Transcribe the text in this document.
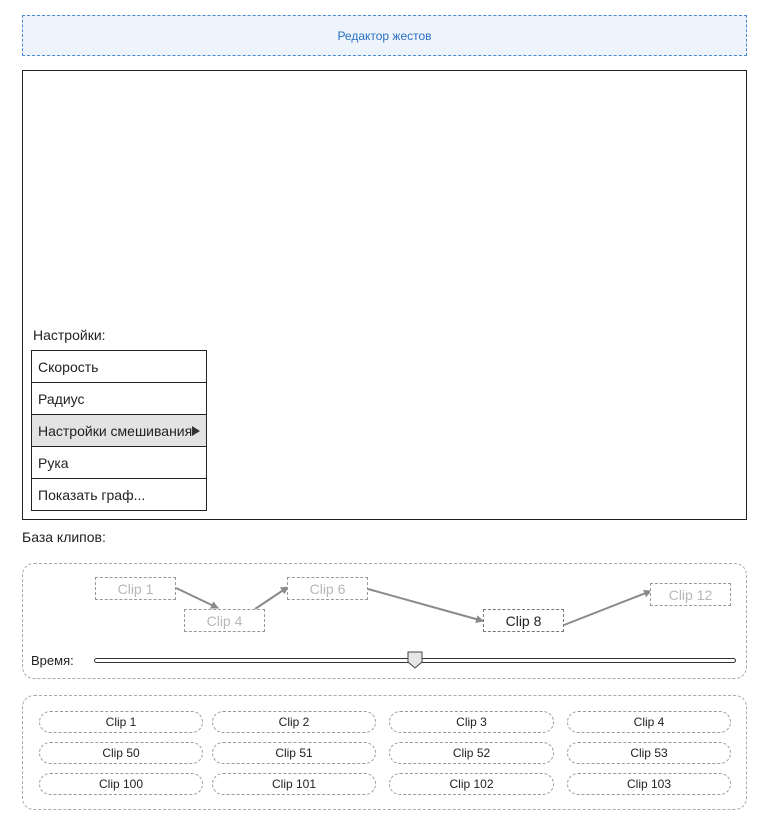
Редактор жестов
Настройки:
Скорость
Радиус
Настройки смешивания
Рука
Показать граф...
База клипов:
Clip 1
Clip 4
Clip 6
Clip 8
Clip 12
Время:
Clip 1	Clip 2	Clip 3	Clip 4
Clip 50	Clip 51	Clip 52	Clip 53
Clip 100	Clip 101	Clip 102	Clip 103
